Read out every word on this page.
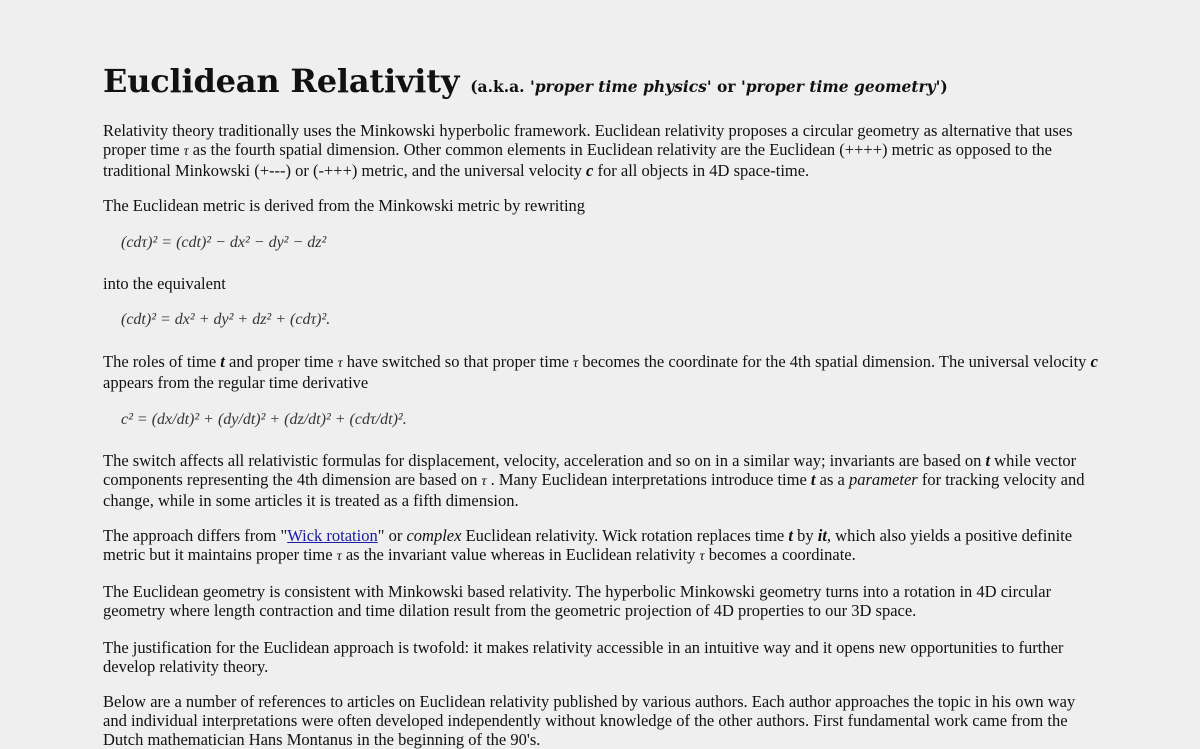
Euclidean Relativity (a.k.a. 'proper time physics' or 'proper time geometry')

Relativity theory traditionally uses the Minkowski hyperbolic framework. Euclidean relativity proposes a circular geometry as alternative that uses proper time τ as the fourth spatial dimension. Other common elements in Euclidean relativity are the Euclidean (++++) metric as opposed to the traditional Minkowski (+---) or (-+++) metric, and the universal velocity c for all objects in 4D space-time.

The Euclidean metric is derived from the Minkowski metric by rewriting

(cdτ)² = (cdt)² − dx² − dy² − dz²

into the equivalent

(cdt)² = dx² + dy² + dz² + (cdτ)².

The roles of time t and proper time τ have switched so that proper time τ becomes the coordinate for the 4th spatial dimension. The universal velocity c appears from the regular time derivative

c² = (dx/dt)² + (dy/dt)² + (dz/dt)² + (cdτ/dt)².

The switch affects all relativistic formulas for displacement, velocity, acceleration and so on in a similar way; invariants are based on t while vector components representing the 4th dimension are based on τ . Many Euclidean interpretations introduce time t as a parameter for tracking velocity and change, while in some articles it is treated as a fifth dimension.

The approach differs from "Wick rotation" or complex Euclidean relativity. Wick rotation replaces time t by it, which also yields a positive definite metric but it maintains proper time τ as the invariant value whereas in Euclidean relativity τ becomes a coordinate.

The Euclidean geometry is consistent with Minkowski based relativity. The hyperbolic Minkowski geometry turns into a rotation in 4D circular geometry where length contraction and time dilation result from the geometric projection of 4D properties to our 3D space.

The justification for the Euclidean approach is twofold: it makes relativity accessible in an intuitive way and it opens new opportunities to further develop relativity theory.

Below are a number of references to articles on Euclidean relativity published by various authors. Each author approaches the topic in his own way and individual interpretations were often developed independently without knowledge of the other authors. First fundamental work came from the Dutch mathematician Hans Montanus in the beginning of the 90's.
